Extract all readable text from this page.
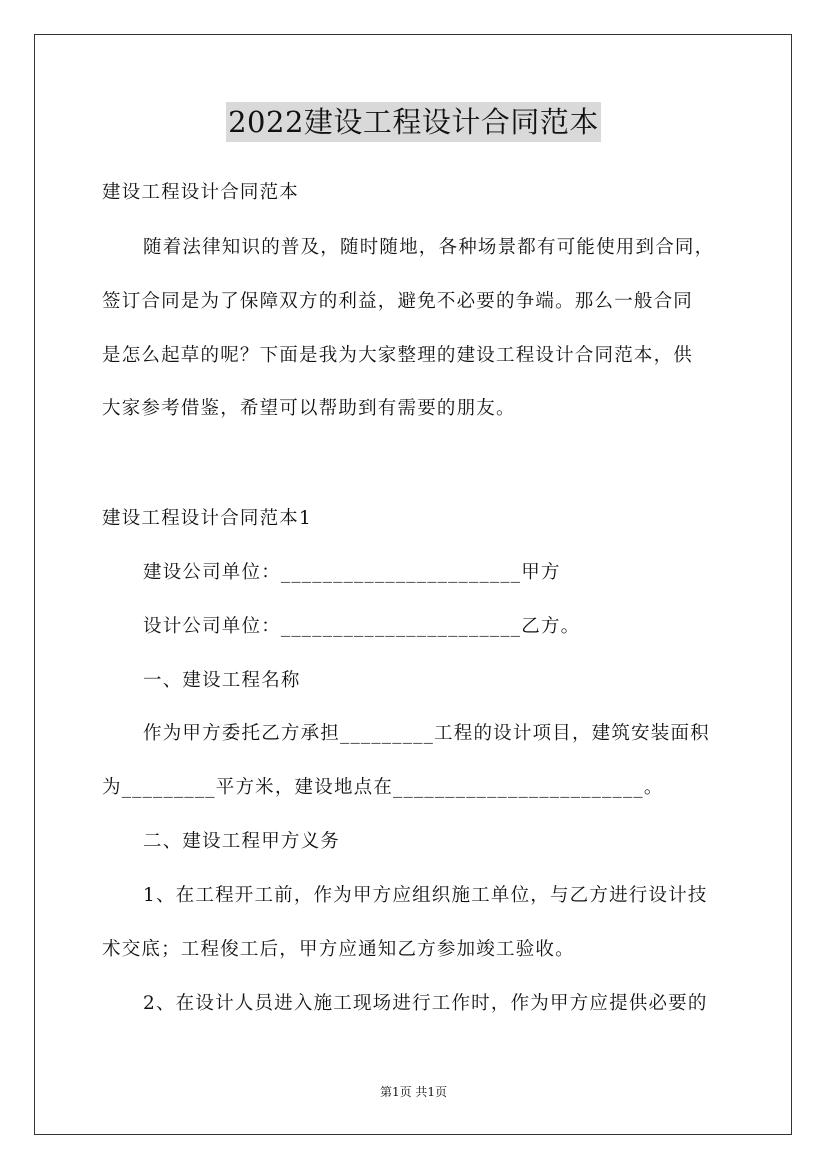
2022建设工程设计合同范本
建设工程设计合同范本
随着法律知识的普及，随时随地，各种场景都有可能使用到合同，
签订合同是为了保障双方的利益，避免不必要的争端。那么一般合同
是怎么起草的呢？下面是我为大家整理的建设工程设计合同范本，供
大家参考借鉴，希望可以帮助到有需要的朋友。
建设工程设计合同范本1
建设公司单位：_______________________甲方
设计公司单位：_______________________乙方。
一、建设工程名称
作为甲方委托乙方承担_________工程的设计项目，建筑安装面积
为_________平方米，建设地点在________________________。
二、建设工程甲方义务
1、在工程开工前，作为甲方应组织施工单位，与乙方进行设计技
术交底；工程俊工后，甲方应通知乙方参加竣工验收。
2、在设计人员进入施工现场进行工作时，作为甲方应提供必要的
第1页 共1页
